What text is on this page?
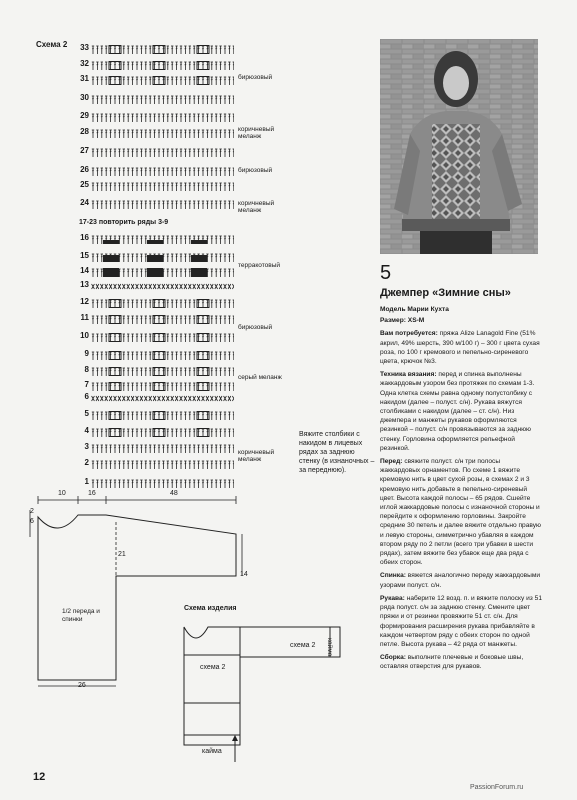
Схема 2	33
32
31
30
29
28
27
26
25
24
16
15
14
13
12
11
10
9
8
7
6
5
4
3
2
1
17-23 повторить ряды 3-9
бирюзовый
коричневый меланж
бирюзовый
коричневый меланж
терракотовый
бирюзовый
серый меланж
коричневый меланж
Вяжите столбики с накидом в лицевых рядах за заднюю стенку (в изнаночных – за переднюю).
10	16	48
2
6
21
14
26
1/2 переда и спинки
Схема изделия
схема 2
схема 2
кайма
кайма
5
Джемпер «Зимние сны»

Модель Марии Кухта

Размер: XS-M

Вам потребуется: пряжа Alize Lanagold Fine (51% акрил, 49% шерсть, 390 м/100 г) – 300 г цвета сухая роза, по 100 г кремового и пепельно-сиреневого цвета, крючок №3.

Техника вязания: перед и спинка выполнены жаккардовым узором без протяжек по схемам 1-3. Одна клетка схемы равна одному полустолбику с накидом (далее – полуст. с/н). Рукава вяжутся столбиками с накидом (далее – ст. с/н). Низ джемпера и манжеты рукавов оформляются резинкой – полуст. с/н провязываются за заднюю стенку. Горловина оформляется рельефной резинкой.

Перед: свяжите полуст. с/н три полосы жаккардовых орнаментов. По схеме 1 вяжите кремовую нить в цвет сухой розы, в схемах 2 и 3 кремовую нить добавьте в пепельно-сиреневый цвет. Высота каждой полосы – 65 рядов. Сшейте иглой жаккардовые полосы с изнаночной стороны и перейдите к оформлению горловины. Закройте средние 30 петель и далее вяжите отдельно правую и левую стороны, симметрично убавляя в каждом втором ряду по 2 петли (всего три убавки в шести рядах), затем вяжите без убавок еще два ряда с обеих сторон.

Спинка: вяжется аналогично переду жаккардовыми узорами полуст. с/н.

Рукава: наберите 12 возд. п. и вяжите полоску из 51 ряда полуст. с/н за заднюю стенку. Смените цвет пряжи и от резинки провяжите 51 ст. с/н. Для формирования расширения рукава прибавляйте в каждом четвертом ряду с обеих сторон по одной петле. Высота рукава – 42 ряда от манжеты.

Сборка: выполните плечевые и боковые швы, оставляя отверстия для рукавов.

12
PassionForum.ru
